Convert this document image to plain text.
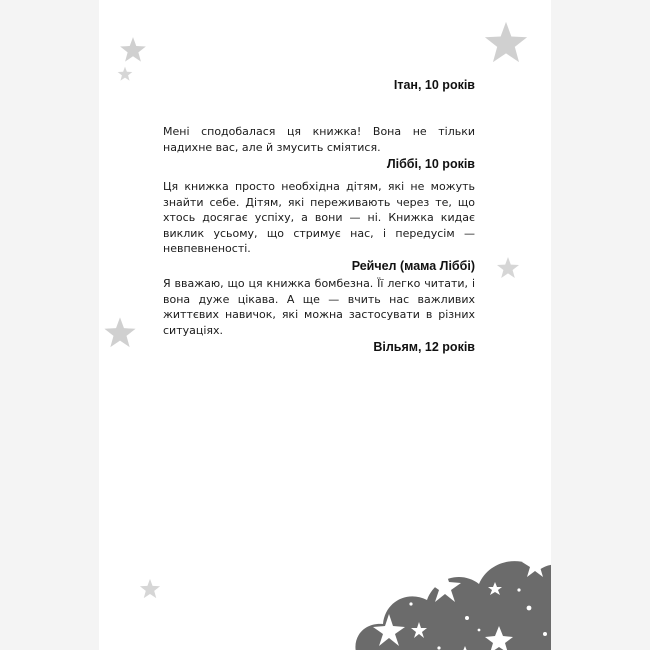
Ітан, 10 років

Мені сподобалася ця книжка! Вона не тільки надихне вас, але й змусить сміятися.

Ліббі, 10 років

Ця книжка просто необхідна дітям, які не можуть знайти себе. Дітям, які переживають через те, що хтось досягає успіху, а вони — ні. Книжка кидає виклик усьому, що стримує нас, і передусім — невпевненості.

Рейчел (мама Ліббі)

Я вважаю, що ця книжка бомбезна. Її легко читати, і вона дуже цікава. А ще — вчить нас важливих життєвих навичок, які можна застосувати в різних ситуаціях.

Вільям, 12 років
